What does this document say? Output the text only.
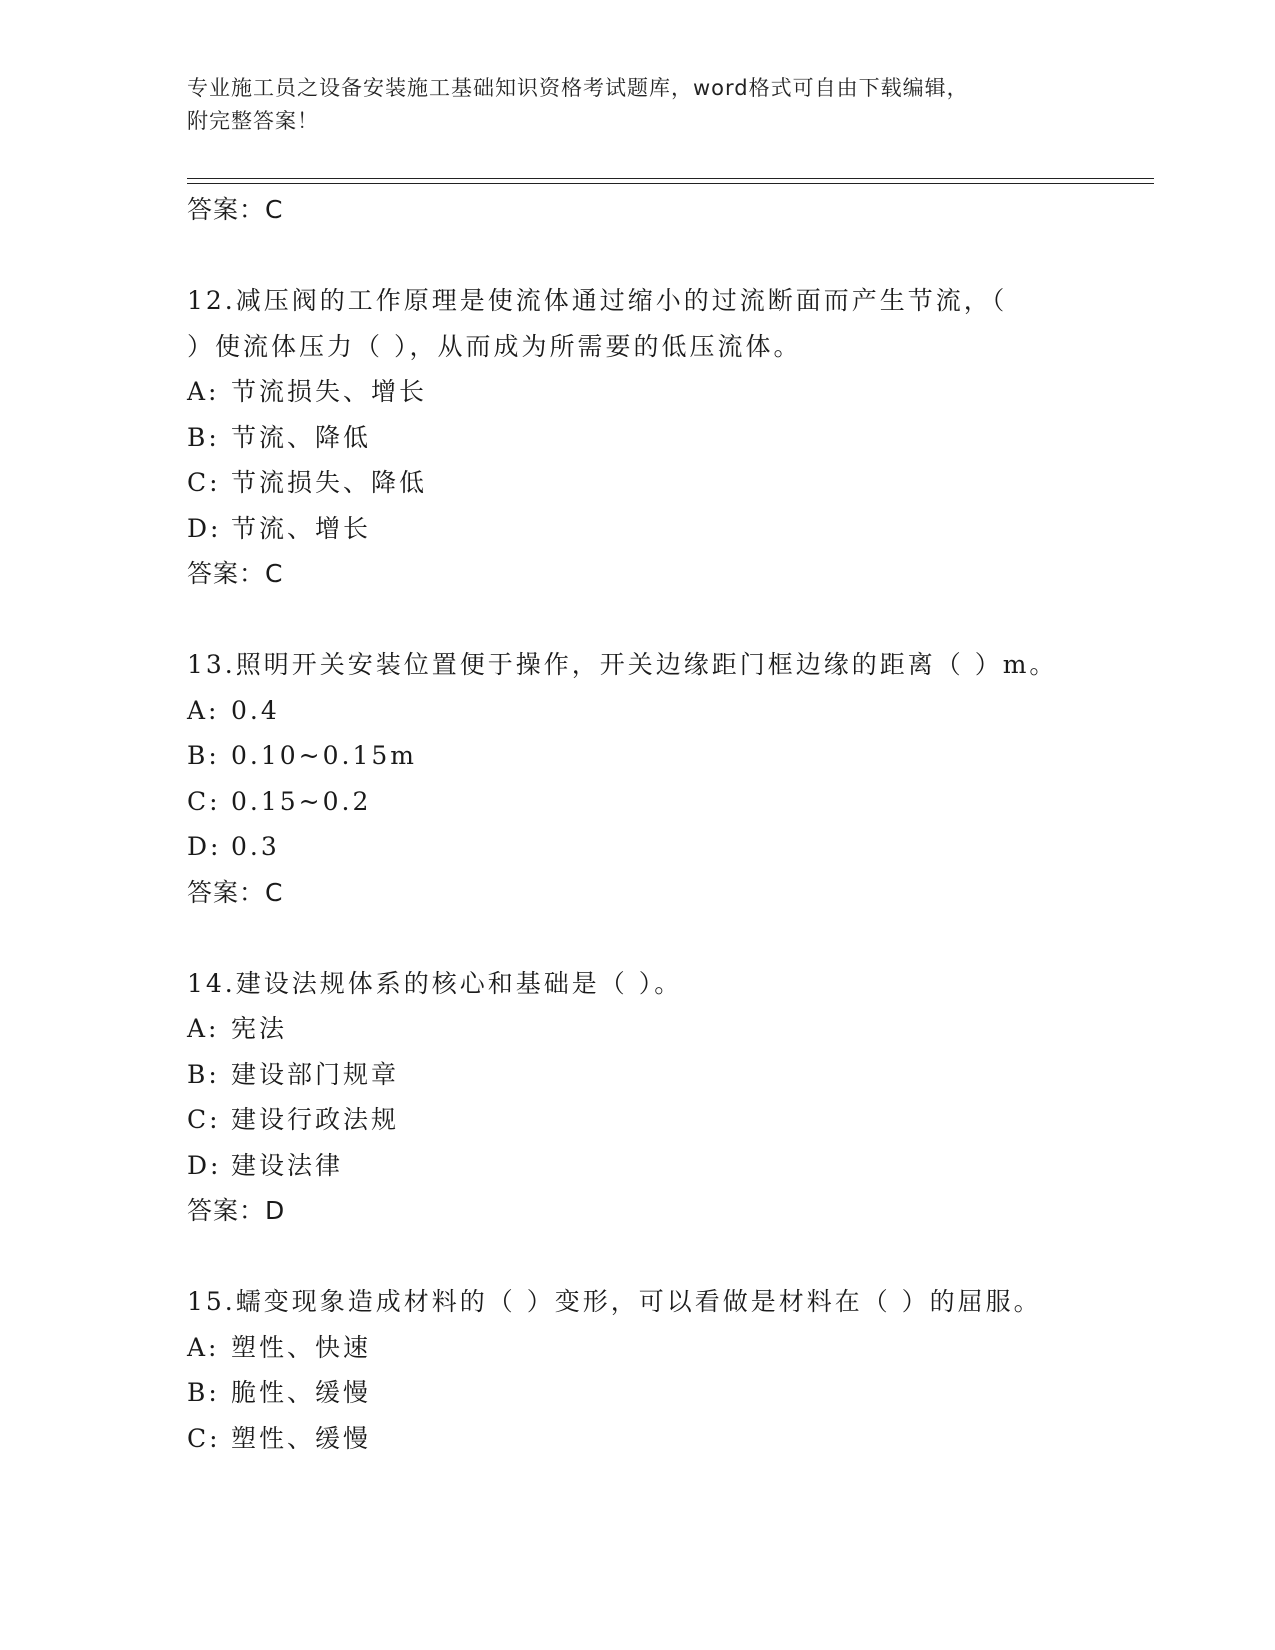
专业施工员之设备安装施工基础知识资格考试题库，word格式可自由下载编辑，
附完整答案！
答案：C
12.减压阀的工作原理是使流体通过缩小的过流断面而产生节流，（
）使流体压力（ ），从而成为所需要的低压流体。
A: 节流损失、增长
B: 节流、降低
C: 节流损失、降低
D: 节流、增长
答案：C
13.照明开关安装位置便于操作，开关边缘距门框边缘的距离（ ）m。
A: 0.4
B: 0.10~0.15m
C: 0.15~0.2
D: 0.3
答案：C
14.建设法规体系的核心和基础是（ ）。
A: 宪法
B: 建设部门规章
C: 建设行政法规
D: 建设法律
答案：D
15.蠕变现象造成材料的（ ）变形，可以看做是材料在（ ）的屈服。
A: 塑性、快速
B: 脆性、缓慢
C: 塑性、缓慢
